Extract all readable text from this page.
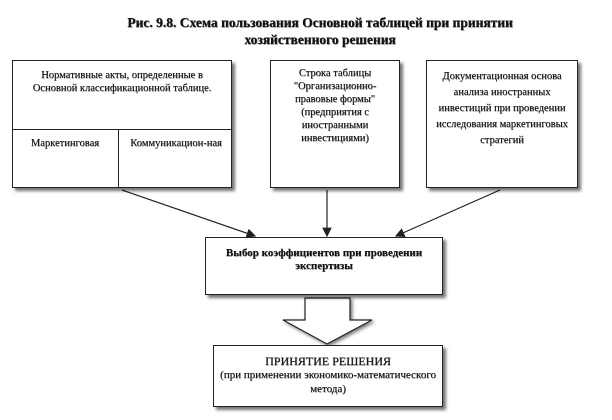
Рис. 9.8. Схема пользования Основной таблицей при принятии
хозяйственного решения
Нормативные акты, определенные в Основной классификационной таблице.
Маркетинговая	Коммуникацион-ная
Строка таблицы "Организационно-правовые формы" (предприятия с иностранными инвестициями)
Документационная основа анализа иностранных инвестиций при проведении исследования маркетинговых стратегий
Выбор коэффициентов при проведении экспертизы
ПРИНЯТИЕ РЕШЕНИЯ
(при применении экономико-математического метода)
